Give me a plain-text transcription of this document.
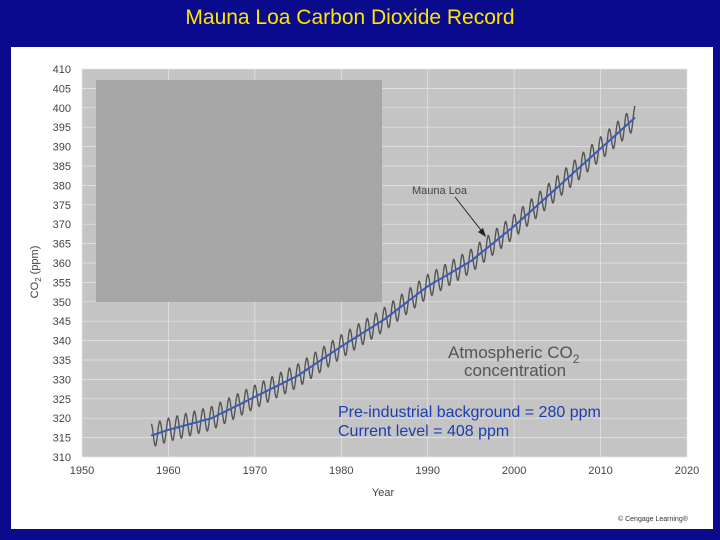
Mauna Loa Carbon Dioxide Record
310
315
320
325
330
335
340
345
350
355
360
365
370
375
380
385
390
395
400
405
410
1950	1960	1970	1980	1990	2000	2010	2020
$CO_2$ (ppm)
Year
Mauna Loa
Atmospheric $CO_2$
concentration
© Cengage Learning®
Pre-industrial background = 280 ppm
Current level = 408 ppm
